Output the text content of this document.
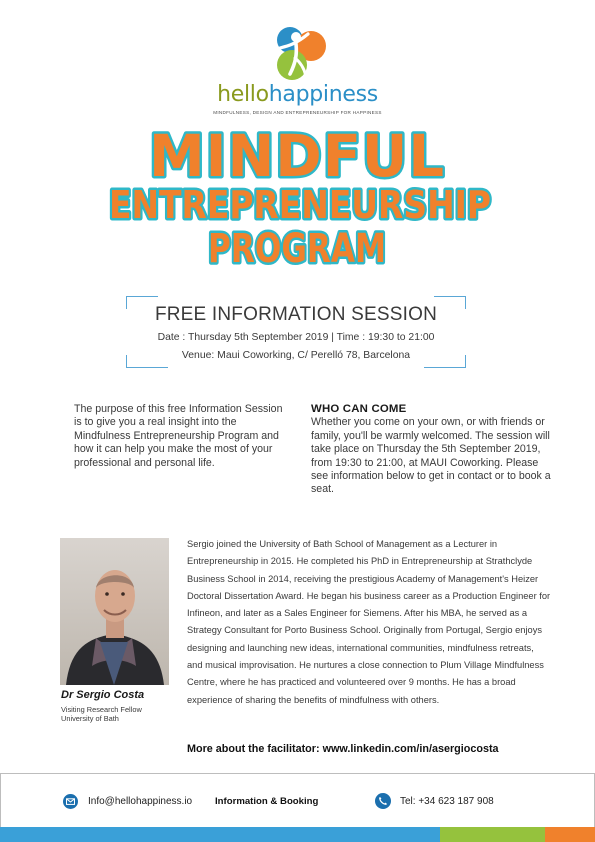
hellohappiness
MINDFULNESS, DESIGN AND ENTREPRENEURSHIP FOR HAPPINESS
MINDFUL
ENTREPRENEURSHIP
PROGRAM
FREE INFORMATION SESSION
Date : Thursday 5th September 2019 | Time : 19:30 to 21:00
Venue: Maui Coworking, C/ Perelló 78, Barcelona

The purpose of this free Information Session is to give you a real insight into the Mindfulness Entrepreneurship Program and how it can help you make the most of your professional and personal life.

WHO CAN COME

Whether you come on your own, or with friends or family, you'll be warmly welcomed. The session will take place on Thursday the 5th September 2019, from 19:30 to 21:00, at MAUI Coworking. Please see information below to get in contact or to book a seat.

Dr Sergio Costa
Visiting Research Fellow
University of Bath

Sergio joined the University of Bath School of Management as a Lecturer in Entrepreneurship in 2015. He completed his PhD in Entrepreneurship at Strathclyde Business School in 2014, receiving the prestigious Academy of Management's Heizer Doctoral Dissertation Award. He began his business career as a Production Engineer for Infineon, and later as a Sales Engineer for Siemens. After his MBA, he served as a Strategy Consultant for Porto Business School. Originally from Portugal, Sergio enjoys designing and launching new ideas, international communities, mindfulness retreats, and musical improvisation. He nurtures a close connection to Plum Village Mindfulness Centre, where he has practiced and volunteered over 9 months. He has a broad experience of sharing the benefits of mindfulness with others.

More about the facilitator: www.linkedin.com/in/asergiocosta
Info@hellohappiness.io Information & Booking	Tel: +34 623 187 908
